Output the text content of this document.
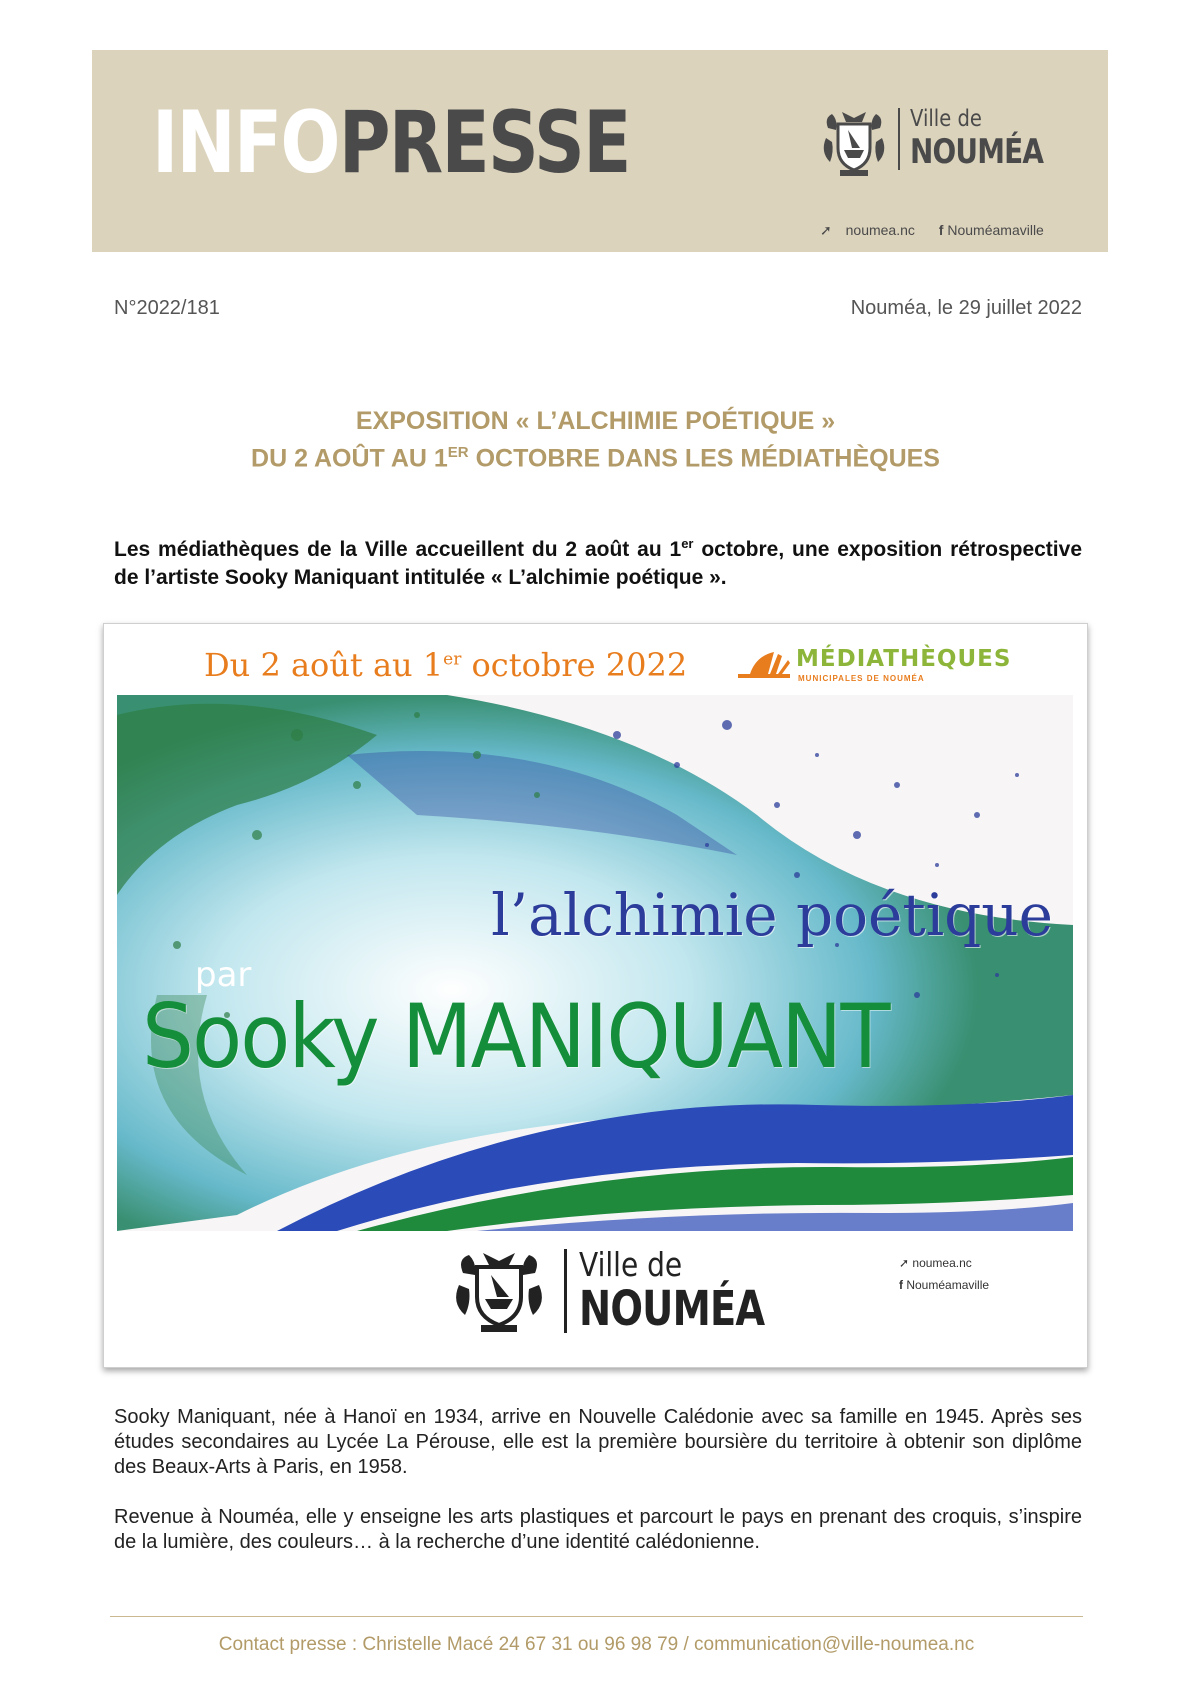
INFOPRESSE	Ville de
NOUMÉA
➚ noumea.nc f Nouméamaville
N°2022/181	Nouméa, le 29 juillet 2022
EXPOSITION « L’ALCHIMIE POÉTIQUE »
DU 2 AOÛT AU 1ER OCTOBRE DANS LES MÉDIATHÈQUES
Les médiathèques de la Ville accueillent du 2 août au 1er octobre, une exposition rétrospective de l’artiste Sooky Maniquant intitulée « L’alchimie poétique ».
Du 2 août au 1er octobre 2022	MÉDIATHÈQUES
MUNICIPALES DE NOUMÉA
l’alchimie poétique
par
Sooky MANIQUANT
Ville de
NOUMÉA
➚ noumea.nc
f Nouméamaville
Sooky Maniquant, née à Hanoï en 1934, arrive en Nouvelle Calédonie avec sa famille en 1945. Après ses études secondaires au Lycée La Pérouse, elle est la première boursière du territoire à obtenir son diplôme des Beaux-Arts à Paris, en 1958.
Revenue à Nouméa, elle y enseigne les arts plastiques et parcourt le pays en prenant des croquis, s’inspire de la lumière, des couleurs… à la recherche d’une identité calédonienne.
Contact presse : Christelle Macé 24 67 31 ou 96 98 79 / communication@ville-noumea.nc
